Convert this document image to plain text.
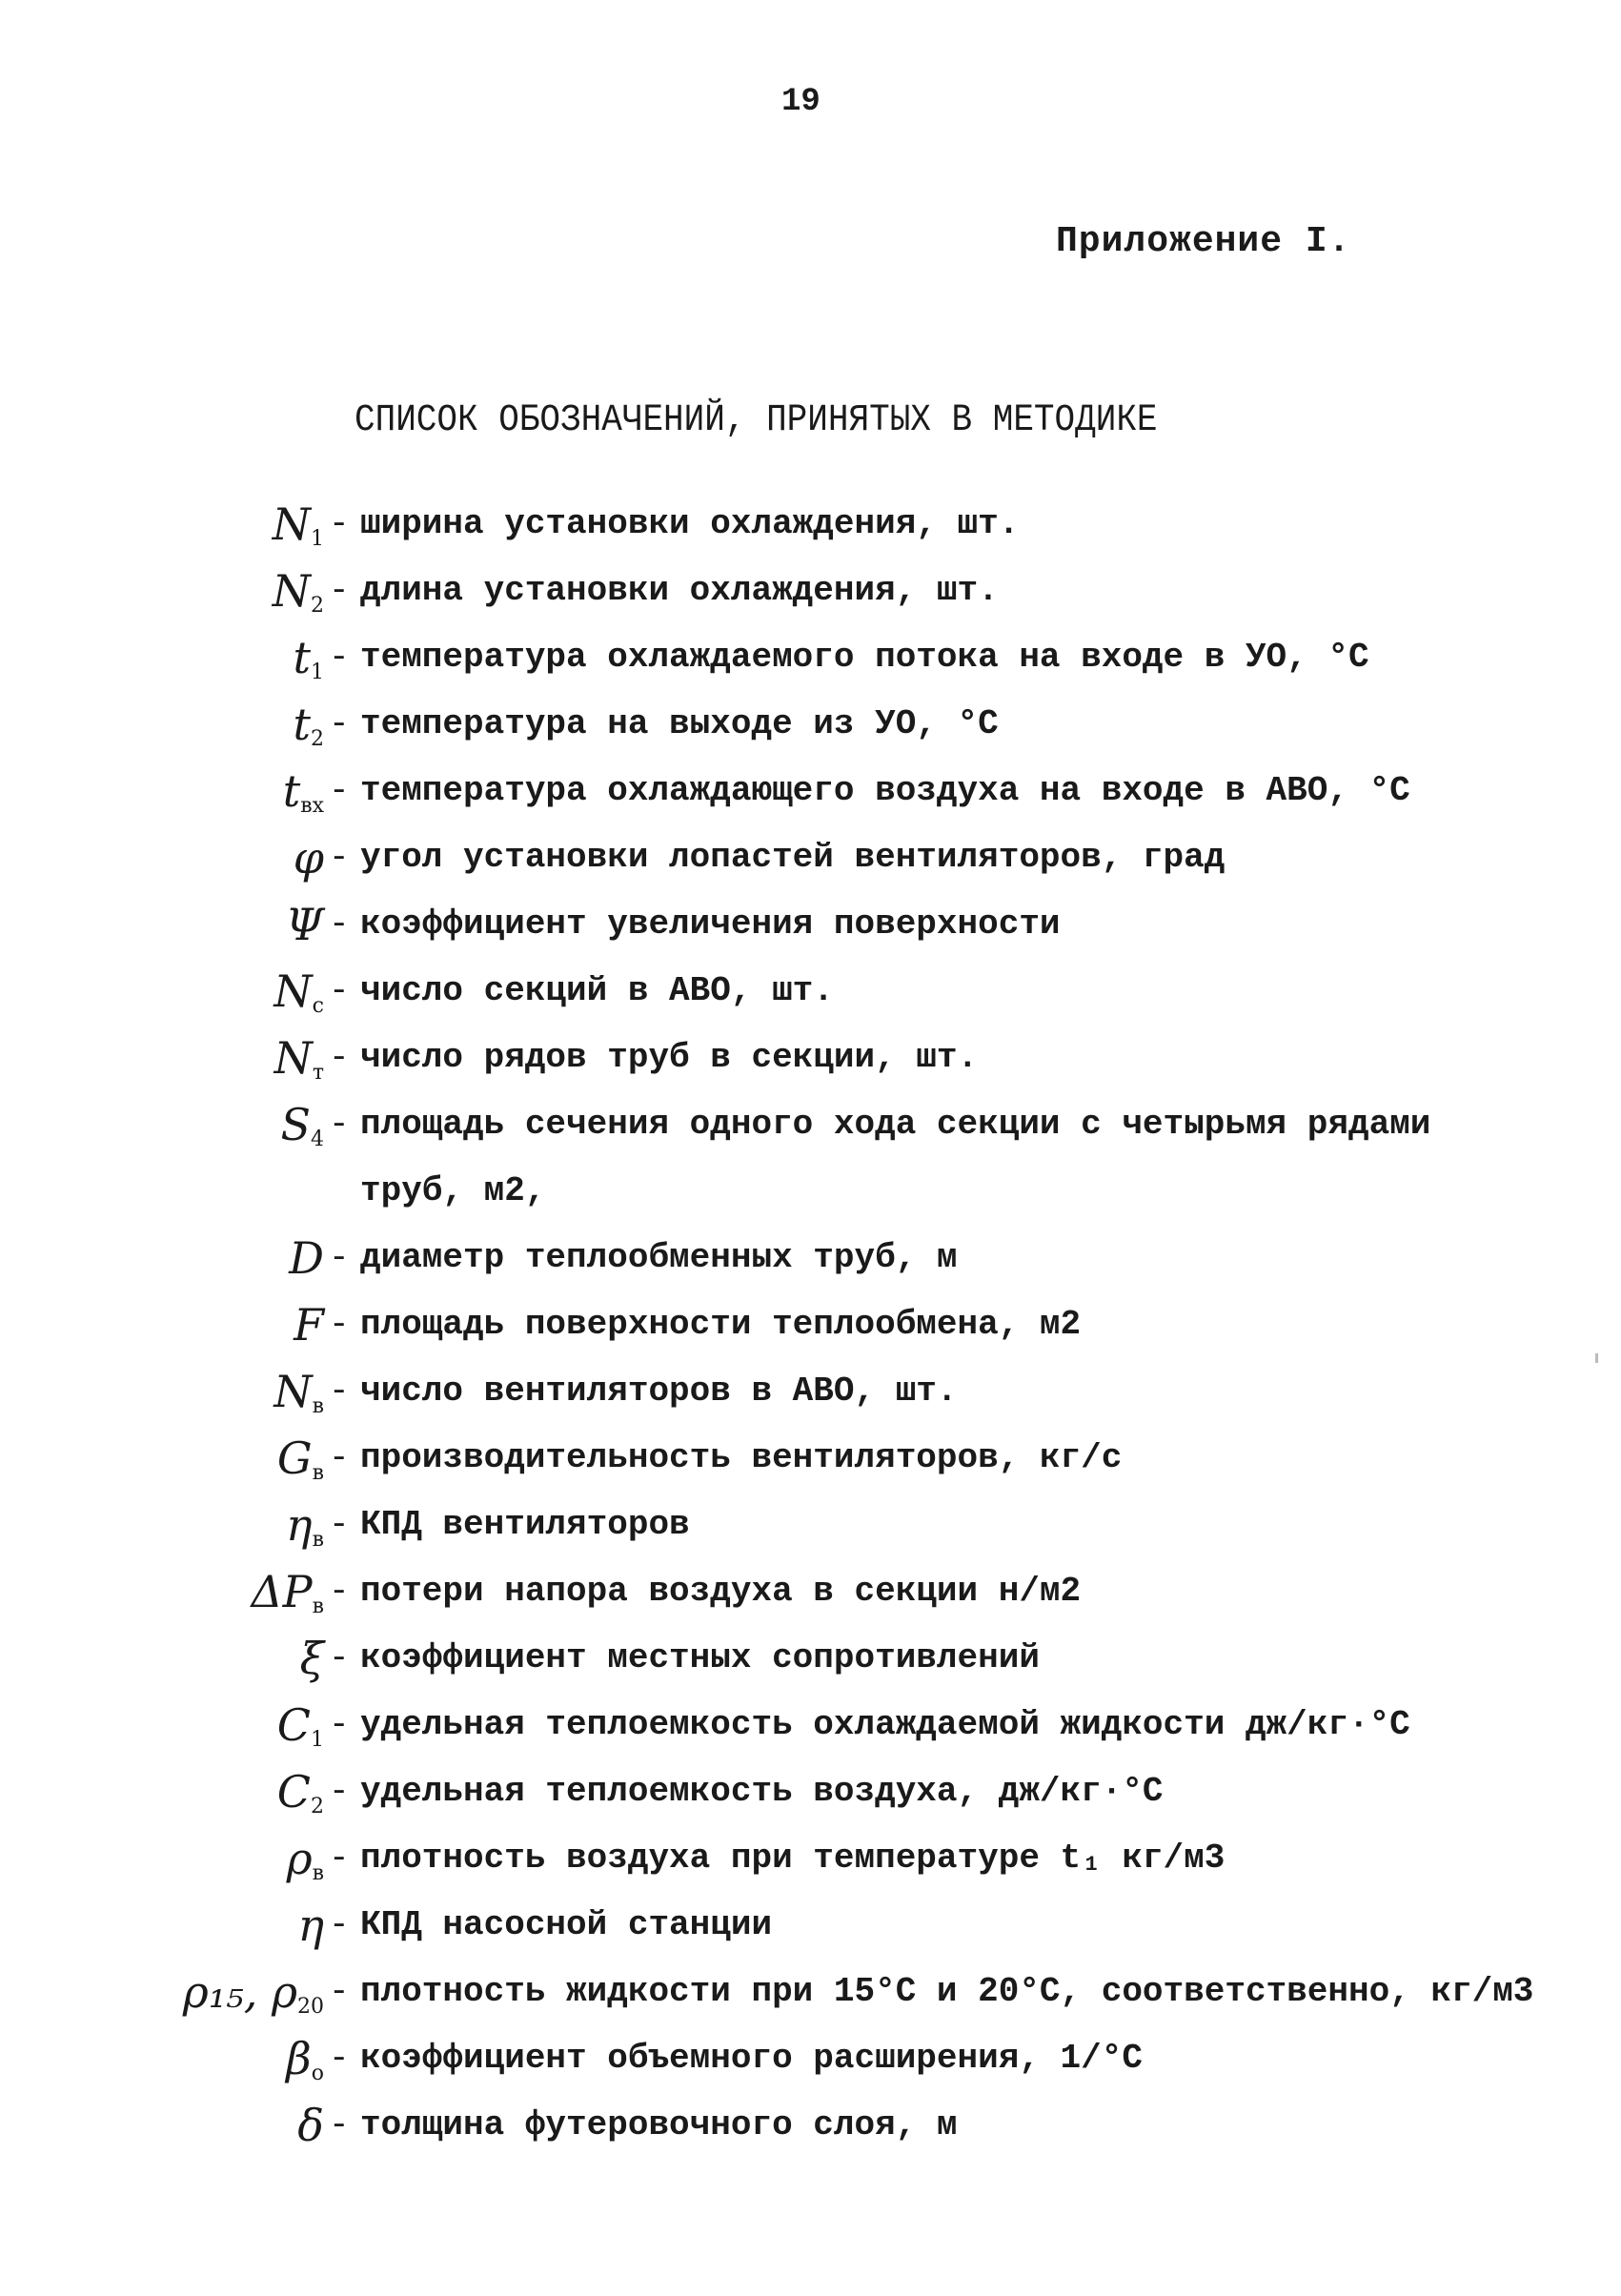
19
Приложение I.
СПИСОК ОБОЗНАЧЕНИЙ, ПРИНЯТЫХ В МЕТОДИКЕ
$N_1$ - ширина установки охлаждения, шт.
$N_2$ - длина установки охлаждения, шт.
$t_1$ - температура охлаждаемого потока на входе в УО, °С
$t_2$ - температура на выходе из УО, °С
$t_{вх}$ - температура охлаждающего воздуха на входе в АВО, °С
φ - угол установки лопастей вентиляторов, град
Ψ - коэффициент увеличения поверхности
$N_с$ - число секций в АВО, шт.
$N_т$ - число рядов труб в секции, шт.
$S_4$ - площадь сечения одного хода секции с четырьмя рядами
труб, м2,
D - диаметр теплообменных труб, м
F - площадь поверхности теплообмена, м2
$N_в$ - число вентиляторов в АВО, шт.
$G_в$ - производительность вентиляторов, кг/с
$\eta_в$ - КПД вентиляторов
$\Delta P_в$ - потери напора воздуха в секции н/м2
ξ - коэффициент местных сопротивлений
$C_1$ - удельная теплоемкость охлаждаемой жидкости дж/кг·°С
$C_2$ - удельная теплоемкость воздуха, дж/кг·°С
$\rho_в$ - плотность воздуха при температуре t₁ кг/м3
η - КПД насосной станции
ρ₁₅, $\rho_{20}$ - плотность жидкости при 15°С и 20°С, соответственно, кг/м3
$\beta_о$ - коэффициент объемного расширения, 1/°С
δ - толщина футеровочного слоя, м
